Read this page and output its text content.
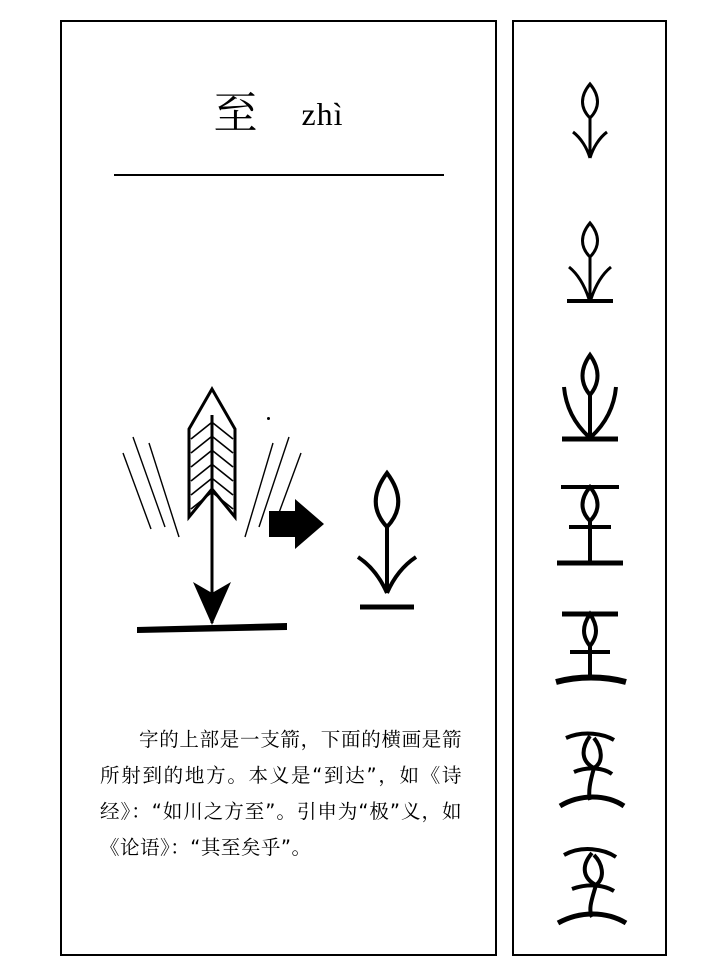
至 zhì
字的上部是一支箭，下面的横画是箭所射到的地方。本义是“到达”，如《诗经》：“如川之方至”。引申为“极”义，如《论语》：“其至矣乎”。
